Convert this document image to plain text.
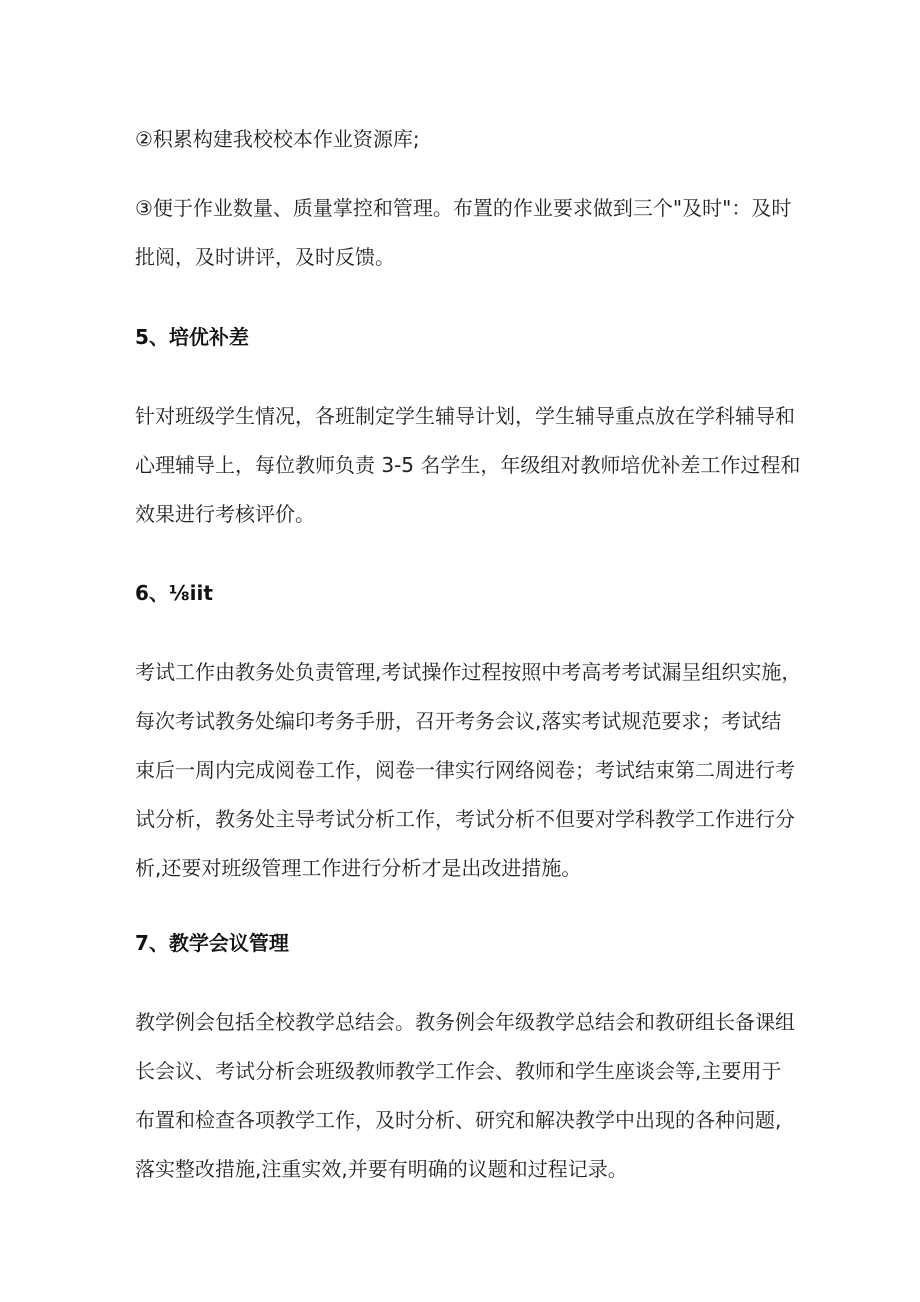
②积累构建我校校本作业资源库;
③便于作业数量、质量掌控和管理。布置的作业要求做到三个"及时"：及时
批阅，及时讲评，及时反馈。
5、培优补差
针对班级学生情况，各班制定学生辅导计划，学生辅导重点放在学科辅导和
心理辅导上，每位教师负责 3-5 名学生，年级组对教师培优补差工作过程和
效果进行考核评价。
6、⅛iit
考试工作由教务处负责管理,考试操作过程按照中考高考考试漏呈组织实施，
每次考试教务处编印考务手册，召开考务会议,落实考试规范要求；考试结
束后一周内完成阅卷工作，阅卷一律实行网络阅卷；考试结束第二周进行考
试分析，教务处主导考试分析工作，考试分析不但要对学科教学工作进行分
析,还要对班级管理工作进行分析才是出改进措施。
7、教学会议管理
教学例会包括全校教学总结会。教务例会年级教学总结会和教研组长备课组
长会议、考试分析会班级教师教学工作会、教师和学生座谈会等,主要用于
布置和检查各项教学工作，及时分析、研究和解决教学中出现的各种问题,
落实整改措施,注重实效,并要有明确的议题和过程记录。
